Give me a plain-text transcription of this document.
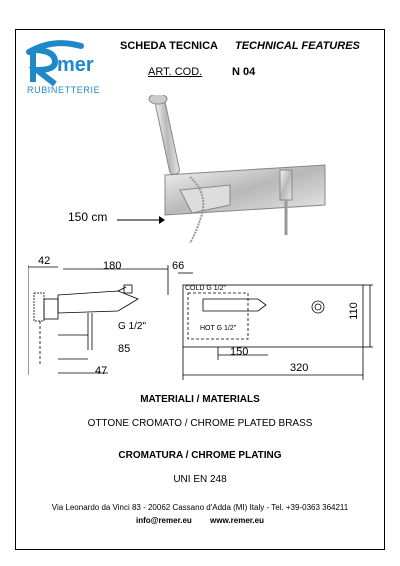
mer
RUBINETTERIE
SCHEDA TECNICA TECHNICAL FEATURES
ART. COD.	N 04
150 cm
42	180	66
G 1/2"
85
47
COLD G 1/2"
HOT G 1/2"
150
110
320
MATERIALI / MATERIALS
OTTONE CROMATO / CHROME PLATED BRASS
CROMATURA / CHROME PLATING
UNI EN 248
Via Leonardo da Vinci 83 - 20062 Cassano d'Adda (MI) Italy - Tel. +39-0363 364211
info@remer.eu www.remer.eu
